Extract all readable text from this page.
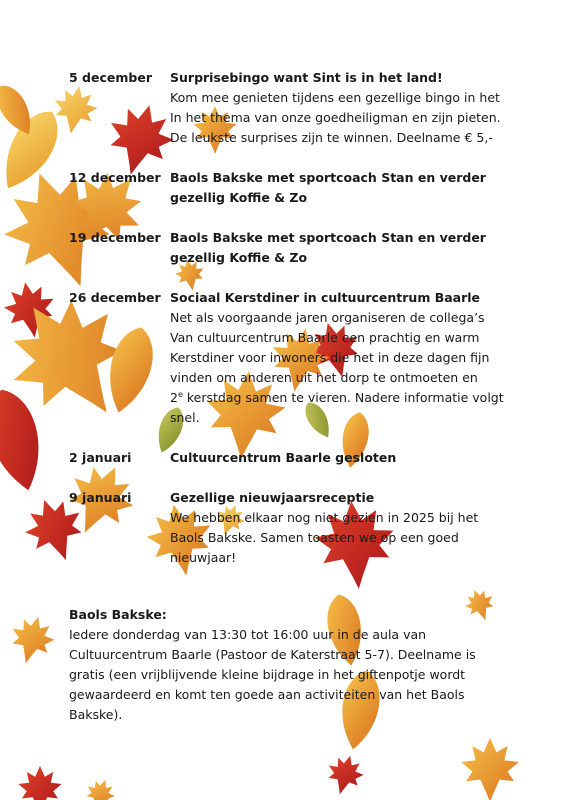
5 december Surprisebingo want Sint is in het land!
Kom mee genieten tijdens een gezellige bingo in het
In het thema van onze goedheiligman en zijn pieten.
De leukste surprises zijn te winnen. Deelname € 5,-
12 december Baols Bakske met sportcoach Stan en verder
gezellig Koffie & Zo
19 december Baols Bakske met sportcoach Stan en verder
gezellig Koffie & Zo
26 december Sociaal Kerstdiner in cultuurcentrum Baarle
Net als voorgaande jaren organiseren de collega’s
Van cultuurcentrum Baarle een prachtig en warm
Kerstdiner voor inwoners die het in deze dagen fijn
vinden om anderen uit het dorp te ontmoeten en
2e kerstdag samen te vieren. Nadere informatie volgt
snel.
2 januari	Cultuurcentrum Baarle gesloten
9 januari	Gezellige nieuwjaarsreceptie
We hebben elkaar nog niet gezien in 2025 bij het
Baols Bakske. Samen toasten we op een goed
nieuwjaar!
Baols Bakske:
Iedere donderdag van 13:30 tot 16:00 uur in de aula van
Cultuurcentrum Baarle (Pastoor de Katerstraat 5-7). Deelname is
gratis (een vrijblijvende kleine bijdrage in het giftenpotje wordt
gewaardeerd en komt ten goede aan activiteiten van het Baols
Bakske).
